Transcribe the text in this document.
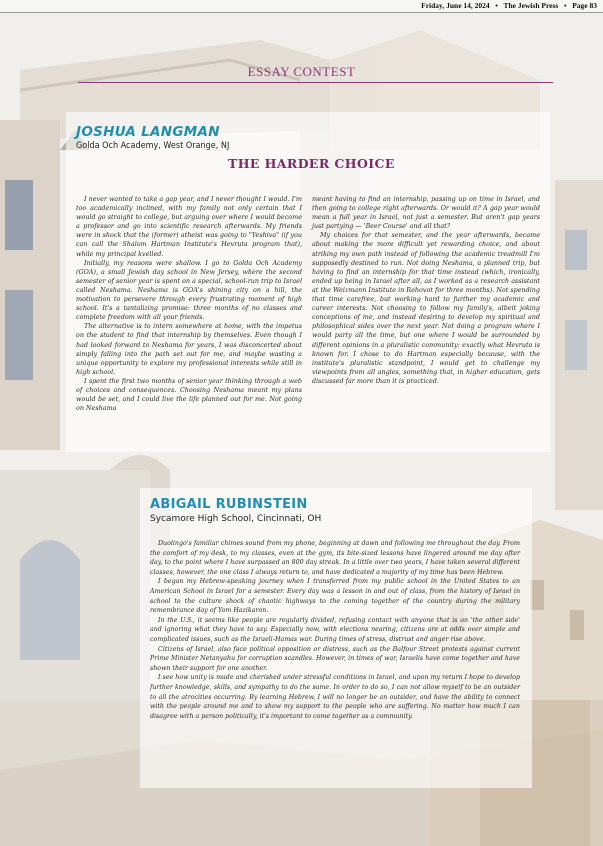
Friday, June 14, 2024   •   The Jewish Press   •   Page 83
ESSAY CONTEST
JOSHUA LANGMAN
Golda Och Academy, West Orange, NJ
THE HARDER CHOICE

I never wanted to take a gap year, and I never thought I would. I'm too academically inclined, with my family not only certain that I would go straight to college, but arguing over where I would become a professor and go into scientific research afterwards. My friends were in shock that the (former) atheist was going to "Yeshiva" (if you can call the Shalom Hartman Institute's Hevruta program that), while my principal kvelled.

Initially, my reasons were shallow. I go to Golda Och Academy (GOA), a small Jewish day school in New Jersey, where the second semester of senior year is spent on a special, school-run trip to Israel called Neshama. Neshama is GOA's shining city on a hill, the motivation to persevere through every frustrating moment of high school. It's a tantalizing promise: three months of no classes and complete freedom with all your friends.

The alternative is to intern somewhere at home, with the impetus on the student to find that internship by themselves. Even though I had looked forward to Neshama for years, I was disconcerted about simply falling into the path set out for me, and maybe wasting a unique opportunity to explore my professional interests while still in high school.

I spent the first two months of senior year thinking through a web of choices and consequences. Choosing Neshama meant my plans would be set, and I could live the life planned out for me. Not going on Neshama

meant having to find an internship, passing up on time in Israel, and then going to college right afterwards. Or would it? A gap year would mean a full year in Israel, not just a semester. But aren't gap years just partying — 'Beer Course' and all that?

My choices for that semester, and the year afterwards, became about making the more difficult yet rewarding choice, and about striking my own path instead of following the academic treadmill I'm supposedly destined to run. Not doing Neshama, a planned trip, but having to find an internship for that time instead (which, ironically, ended up being in Israel after all, as I worked as a research assistant at the Weizmann Institute in Rehovot for three months). Not spending that time carefree, but working hard to further my academic and career interests. Not choosing to follow my family's, albeit joking conceptions of me, and instead desiring to develop my spiritual and philosophical sides over the next year. Not doing a program where I would party all the time, but one where I would be surrounded by different opinions in a pluralistic community: exactly what Hevruta is known for. I chose to do Hartman especially because, with the institute's pluralistic standpoint, I would get to challenge my viewpoints from all angles, something that, in higher education, gets discussed far more than it is practiced.

ABIGAIL RUBINSTEIN
Sycamore High School, Cincinnati, OH

Duolingo's familiar chimes sound from my phone, beginning at dawn and following me throughout the day. From the comfort of my desk, to my classes, even at the gym, its bite-sized lessons have lingered around me day after day, to the point where I have surpassed an 800 day streak. In a little over two years, I have taken several different classes, however, the one class I always return to, and have dedicated a majority of my time has been Hebrew.

I began my Hebrew-speaking journey when I transferred from my public school in the United States to an American School in Israel for a semester. Every day was a lesson in and out of class, from the history of Israel in school to the culture shock of chaotic highways to the coming together of the country during the military remembrance day of Yom Hazikaron.

In the U.S., it seems like people are regularly divided, refusing contact with anyone that is on 'the other side' and ignoring what they have to say. Especially now, with elections nearing, citizens are at odds over simple and complicated issues, such as the Israeli-Hamas war. During times of stress, distrust and anger rise above.

Citizens of Israel, also face political opposition or distress, such as the Balfour Street protests against current Prime Minister Netanyahu for corruption scandles. However, in times of war, Israelis have come together and have shown their support for one another.

I see how unity is made and cherished under stressful conditions in Israel, and upon my return I hope to develop further knowledge, skills, and sympathy to do the same. In order to do so, I can not allow myself to be an outsider to all the atrocities occurring. By learning Hebrew, I will no longer be an outsider, and have the ability to connect with the people around me and to show my support to the people who are suffering. No matter how much I can disagree with a person politically, it's important to come together as a community.
